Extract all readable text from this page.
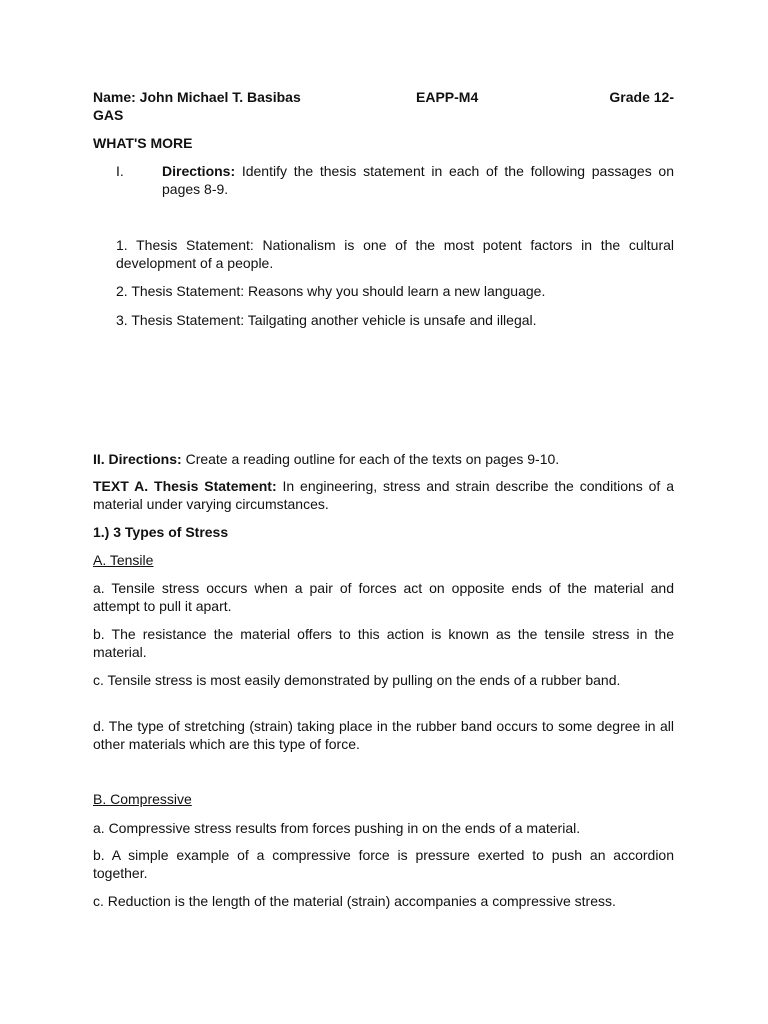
Name: John Michael T. Basibas	EAPP-M4	Grade 12-

GAS

WHAT'S MORE

I.	Directions: Identify the thesis statement in each of the following passages on pages 8-9.

1. Thesis Statement: Nationalism is one of the most potent factors in the cultural development of a people.

2. Thesis Statement: Reasons why you should learn a new language.

3. Thesis Statement: Tailgating another vehicle is unsafe and illegal.

II. Directions: Create a reading outline for each of the texts on pages 9-10.

TEXT A. Thesis Statement: In engineering, stress and strain describe the conditions of a material under varying circumstances.

1.) 3 Types of Stress

A. Tensile

a. Tensile stress occurs when a pair of forces act on opposite ends of the material and attempt to pull it apart.

b. The resistance the material offers to this action is known as the tensile stress in the material.

c. Tensile stress is most easily demonstrated by pulling on the ends of a rubber band.

d. The type of stretching (strain) taking place in the rubber band occurs to some degree in all other materials which are this type of force.

B. Compressive

a. Compressive stress results from forces pushing in on the ends of a material.

b. A simple example of a compressive force is pressure exerted to push an accordion together.

c. Reduction is the length of the material (strain) accompanies a compressive stress.
